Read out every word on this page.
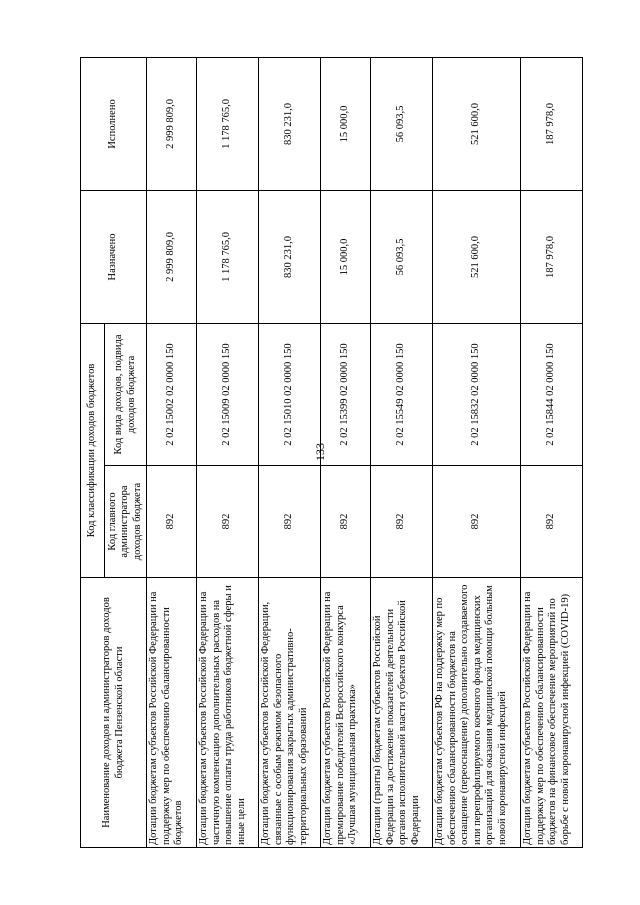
133
Наименование доходов и администраторов доходов бюджета Пензенской области	Код классификации доходов бюджетов		Назначено	Исполнено
	Код главного администратора доходов бюджета	Код вида доходов, подвида доходов бюджета		
Дотации бюджетам субъектов Российской Федерации на поддержку мер по обеспечению сбалансированности бюджетов	892	2 02 15002 02 0000 150	2 999 809,0	2 999 809,0
Дотации бюджетам субъектов Российской Федерации на частичную компенсацию дополнительных расходов на повышение оплаты труда работников бюджетной сферы и иные цели	892	2 02 15009 02 0000 150	1 178 765,0	1 178 765,0
Дотации бюджетам субъектов Российской Федерации, связанные с особым режимом безопасного функционирования закрытых административно-территориальных образований	892	2 02 15010 02 0000 150	830 231,0	830 231,0
Дотации бюджетам субъектов Российской Федерации на премирование победителей Всероссийского конкурса «Лучшая муниципальная практика»	892	2 02 15399 02 0000 150	15 000,0	15 000,0
Дотации (гранты) бюджетам субъектов Российской Федерации за достижение показателей деятельности органов исполнительной власти субъектов Российской Федерации	892	2 02 15549 02 0000 150	56 093,5	56 093,5
Дотации бюджетам субъектов РФ на поддержку мер по обеспечению сбалансированности бюджетов на оснащение (переоснащение) дополнительно создаваемого или перепрофилируемого коечного фонда медицинских организаций для оказания медицинской помощи больным новой коронавирусной инфекцией	892	2 02 15832 02 0000 150	521 600,0	521 600,0
Дотации бюджетам субъектов Российской Федерации на поддержку мер по обеспечению сбалансированности бюджетов на финансовое обеспечение мероприятий по борьбе с новой коронавирусной инфекцией (COVID-19)	892	2 02 15844 02 0000 150	187 978,0	187 978,0
